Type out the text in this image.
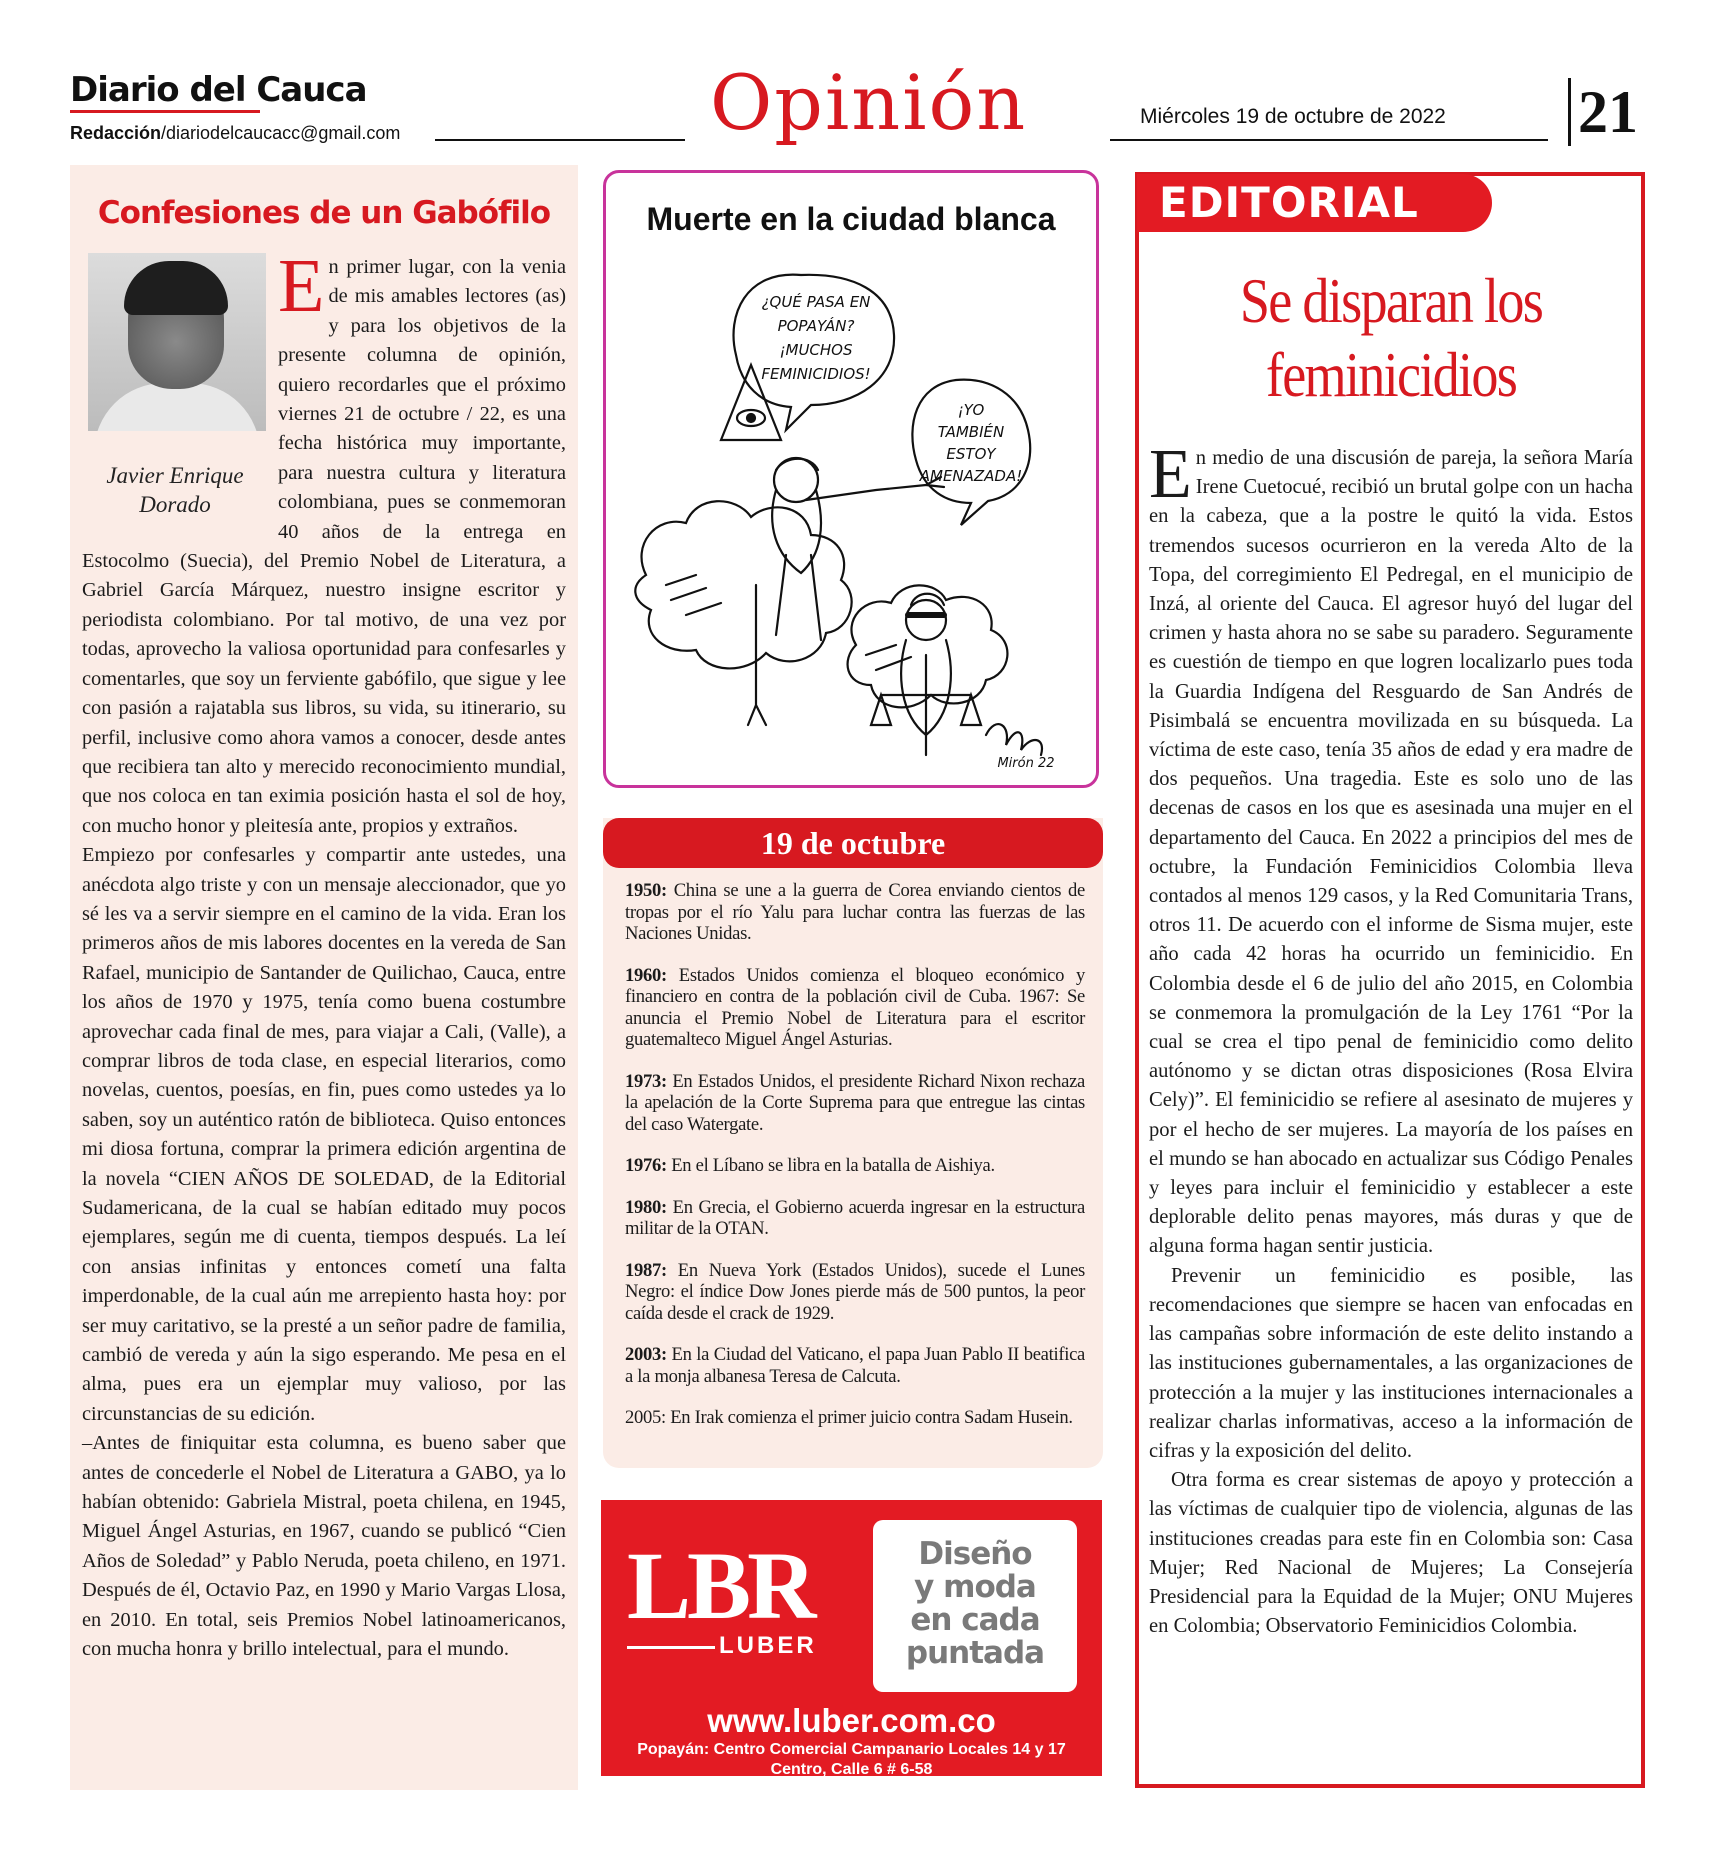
Diario del Cauca
Redacción/diariodelcaucacc@gmail.com	Opinión	Miércoles 19 de octubre de 2022 21
Confesiones de un Gabófilo
Javier Enrique Dorado
E n primer lugar, con la venia de mis amables lectores (as) y para los objetivos de la presente columna de opinión, quiero recordarles que el próximo viernes 21 de octubre / 22, es una fecha histórica muy importante, para nuestra cultura y literatura colombiana, pues se conmemoran 40 años de la entrega en Estocolmo (Suecia), del Premio Nobel de Literatura, a Gabriel García Márquez, nuestro insigne escritor y periodista colombiano. Por tal motivo, de una vez por todas, aprovecho la valiosa oportunidad para confesarles y comentarles, que soy un ferviente gabófilo, que sigue y lee con pasión a rajatabla sus libros, su vida, su itinerario, su perfil, inclusive como ahora vamos a conocer, desde antes que recibiera tan alto y merecido reconocimiento mundial, que nos coloca en tan eximia posición hasta el sol de hoy, con mucho honor y pleitesía ante, propios y extraños.

Empiezo por confesarles y compartir ante ustedes, una anécdota algo triste y con un mensaje aleccionador, que yo sé les va a servir siempre en el camino de la vida. Eran los primeros años de mis labores docentes en la vereda de San Rafael, municipio de Santander de Quilichao, Cauca, entre los años de 1970 y 1975, tenía como buena costumbre aprovechar cada final de mes, para viajar a Cali, (Valle), a comprar libros de toda clase, en especial literarios, como novelas, cuentos, poesías, en fin, pues como ustedes ya lo saben, soy un auténtico ratón de biblioteca. Quiso entonces mi diosa fortuna, comprar la primera edición argentina de la novela “CIEN AÑOS DE SOLEDAD, de la Editorial Sudamericana, de la cual se habían editado muy pocos ejemplares, según me di cuenta, tiempos después. La leí con ansias infinitas y entonces cometí una falta imperdonable, de la cual aún me arrepiento hasta hoy: por ser muy caritativo, se la presté a un señor padre de familia, cambió de vereda y aún la sigo esperando. Me pesa en el alma, pues era un ejemplar muy valioso, por las circunstancias de su edición.

–Antes de finiquitar esta columna, es bueno saber que antes de concederle el Nobel de Literatura a GABO, ya lo habían obtenido: Gabriela Mistral, poeta chilena, en 1945, Miguel Ángel Asturias, en 1967, cuando se publicó “Cien Años de Soledad” y Pablo Neruda, poeta chileno, en 1971. Después de él, Octavio Paz, en 1990 y Mario Vargas Llosa, en 2010. En total, seis Premios Nobel latinoamericanos, con mucha honra y brillo intelectual, para el mundo.

Muerte en la ciudad blanca
¿QUÉ PASA EN
POPAYÁN?
¡MUCHOS
FEMINICIDIOS!
¡YO
TAMBIÉN
ESTOY
AMENAZADA!
Mirón 22
19 de octubre
1950: China se une a la guerra de Corea enviando cientos de tropas por el río Yalu para luchar contra las fuerzas de las Naciones Unidas.
1960: Estados Unidos comienza el bloqueo económico y financiero en contra de la población civil de Cuba. 1967: Se anuncia el Premio Nobel de Literatura para el escritor guatemalteco Miguel Ángel Asturias.
1973: En Estados Unidos, el presidente Richard Nixon rechaza la apelación de la Corte Suprema para que entregue las cintas del caso Watergate.
1976: En el Líbano se libra en la batalla de Aishiya.
1980: En Grecia, el Gobierno acuerda ingresar en la estructura militar de la OTAN.
1987: En Nueva York (Estados Unidos), sucede el Lunes Negro: el índice Dow Jones pierde más de 500 puntos, la peor caída desde el crack de 1929.
2003: En la Ciudad del Vaticano, el papa Juan Pablo II beatifica a la monja albanesa Teresa de Calcuta.
2005: En Irak comienza el primer juicio contra Sadam Husein.
LBR
LUBER
Diseño
y moda
en cada
puntada
www.luber.com.co
Popayán: Centro Comercial Campanario Locales 14 y 17
Centro, Calle 6 # 6-58
EDITORIAL
Se disparan los
feminicidios

En medio de una discusión de pareja, la señora María Irene Cuetocué, recibió un brutal golpe con un hacha en la cabeza, que a la postre le quitó la vida. Estos tremendos sucesos ocurrieron en la vereda Alto de la Topa, del corregimiento El Pedregal, en el municipio de Inzá, al oriente del Cauca. El agresor huyó del lugar del crimen y hasta ahora no se sabe su paradero. Seguramente es cuestión de tiempo en que logren localizarlo pues toda la Guardia Indígena del Resguardo de San Andrés de Pisimbalá se encuentra movilizada en su búsqueda. La víctima de este caso, tenía 35 años de edad y era madre de dos pequeños. Una tragedia. Este es solo uno de las decenas de casos en los que es asesinada una mujer en el departamento del Cauca. En 2022 a principios del mes de octubre, la Fundación Feminicidios Colombia lleva contados al menos 129 casos, y la Red Comunitaria Trans, otros 11. De acuerdo con el informe de Sisma mujer, este año cada 42 horas ha ocurrido un feminicidio. En Colombia desde el 6 de julio del año 2015, en Colombia se conmemora la promulgación de la Ley 1761 “Por la cual se crea el tipo penal de feminicidio como delito autónomo y se dictan otras disposiciones (Rosa Elvira Cely)”. El feminicidio se refiere al asesinato de mujeres y por el hecho de ser mujeres. La mayoría de los países en el mundo se han abocado en actualizar sus Código Penales y leyes para incluir el feminicidio y establecer a este deplorable delito penas mayores, más duras y que de alguna forma hagan sentir justicia.

Prevenir un feminicidio es posible, las recomendaciones que siempre se hacen van enfocadas en las campañas sobre información de este delito instando a las instituciones gubernamentales, a las organizaciones de protección a la mujer y las instituciones internacionales a realizar charlas informativas, acceso a la información de cifras y la exposición del delito.

Otra forma es crear sistemas de apoyo y protección a las víctimas de cualquier tipo de violencia, algunas de las instituciones creadas para este fin en Colombia son: Casa Mujer; Red Nacional de Mujeres; La Consejería Presidencial para la Equidad de la Mujer; ONU Mujeres en Colombia; Observatorio Feminicidios Colombia.
